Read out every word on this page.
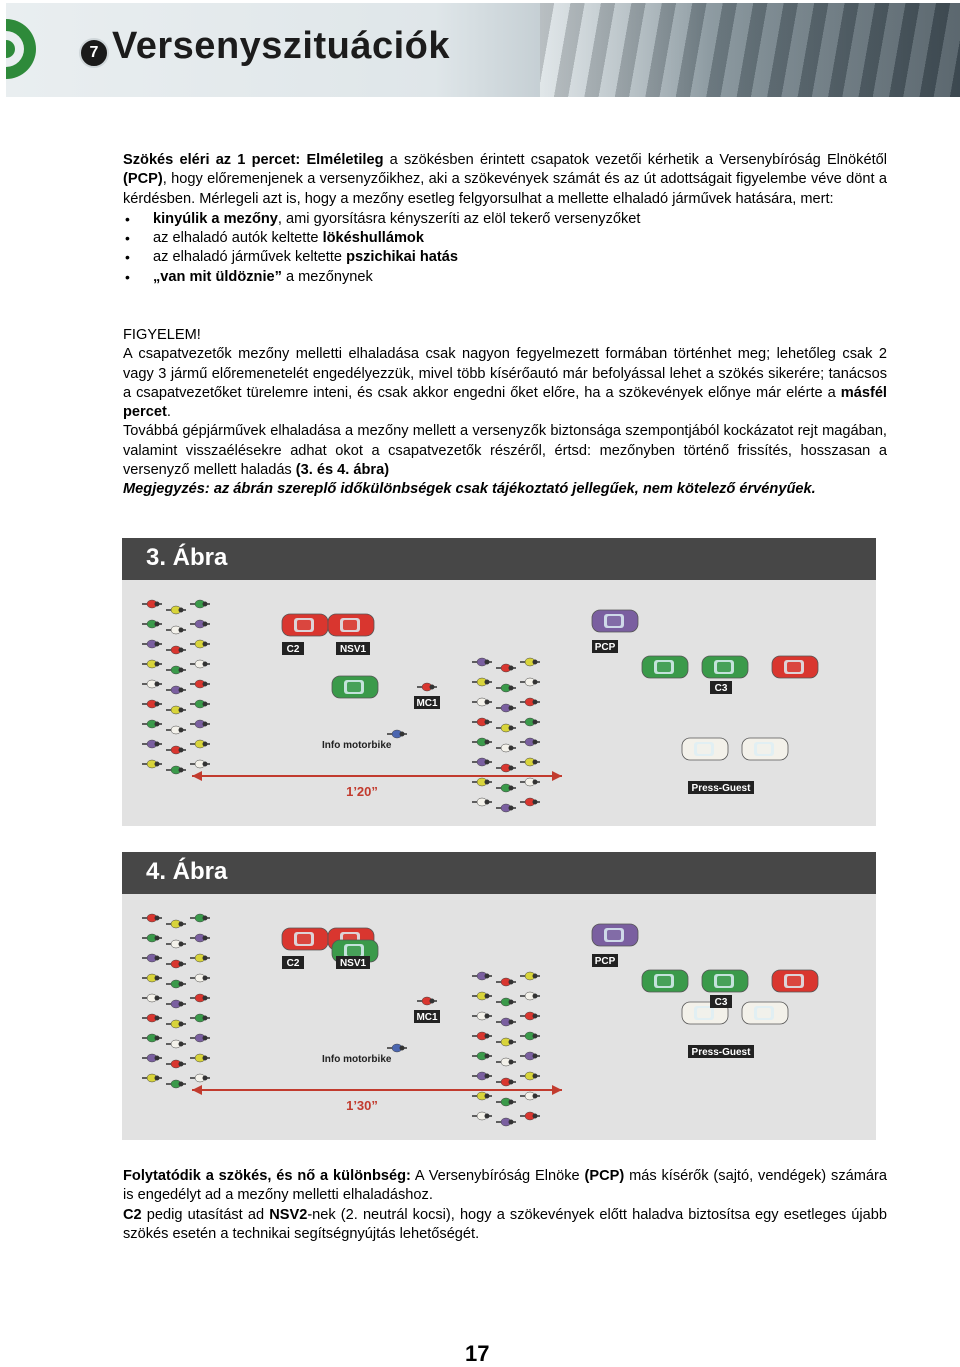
7 Versenyszituációk

Szökés eléri az 1 percet: Elméletileg a szökésben érintett csapatok vezetői kérhetik a Versenybíróság Elnökétől (PCP), hogy előremenjenek a versenyzőikhez, aki a szökevények számát és az út adottságait figyelembe véve dönt a kérdésben. Mérlegeli azt is, hogy a mezőny esetleg felgyorsulhat a mellette elhaladó járművek hatására, mert:

• kinyúlik a mezőny, ami gyorsításra kényszeríti az elöl tekerő versenyzőket
• az elhaladó autók keltette lökéshullámok
• az elhaladó járművek keltette pszichikai hatás
• „van mit üldöznie” a mezőnynek

FIGYELEM!

A csapatvezetők mezőny melletti elhaladása csak nagyon fegyelmezett formában történhet meg; lehetőleg csak 2 vagy 3 jármű előremenetelét engedélyezzük, mivel több kísérőautó már befolyással lehet a szökés sikerére; tanácsos a csapatvezetőket türelemre inteni, és csak akkor engedni őket előre, ha a szökevények előnye már elérte a másfél percet.

Továbbá gépjárművek elhaladása a mezőny mellett a versenyzők biztonsága szempontjából kockázatot rejt magában, valamint visszaélésekre adhat okot a csapatvezetők részéről, értsd: mezőnyben történő frissítés, hosszasan a versenyző mellett haladás (3. és 4. ábra)

Megjegyzés: az ábrán szereplő időkülönbségek csak tájékoztató jellegűek, nem kötelező érvényűek.

3. Ábra
C2	NSV1	PCP
C3
MC1
Info motorbike
Press-Guest
1’20”
4. Ábra
C2	NSV1	PCP
C3
MC1
Info motorbike
Press-Guest
1’30”

Folytatódik a szökés, és nő a különbség: A Versenybíróság Elnöke (PCP) más kísérők (sajtó, vendégek) számára is engedélyt ad a mezőny melletti elhaladáshoz.

C2 pedig utasítást ad NSV2-nek (2. neutrál kocsi), hogy a szökevények előtt haladva biztosítsa egy esetleges újabb szökés esetén a technikai segítségnyújtás lehetőségét.

17
